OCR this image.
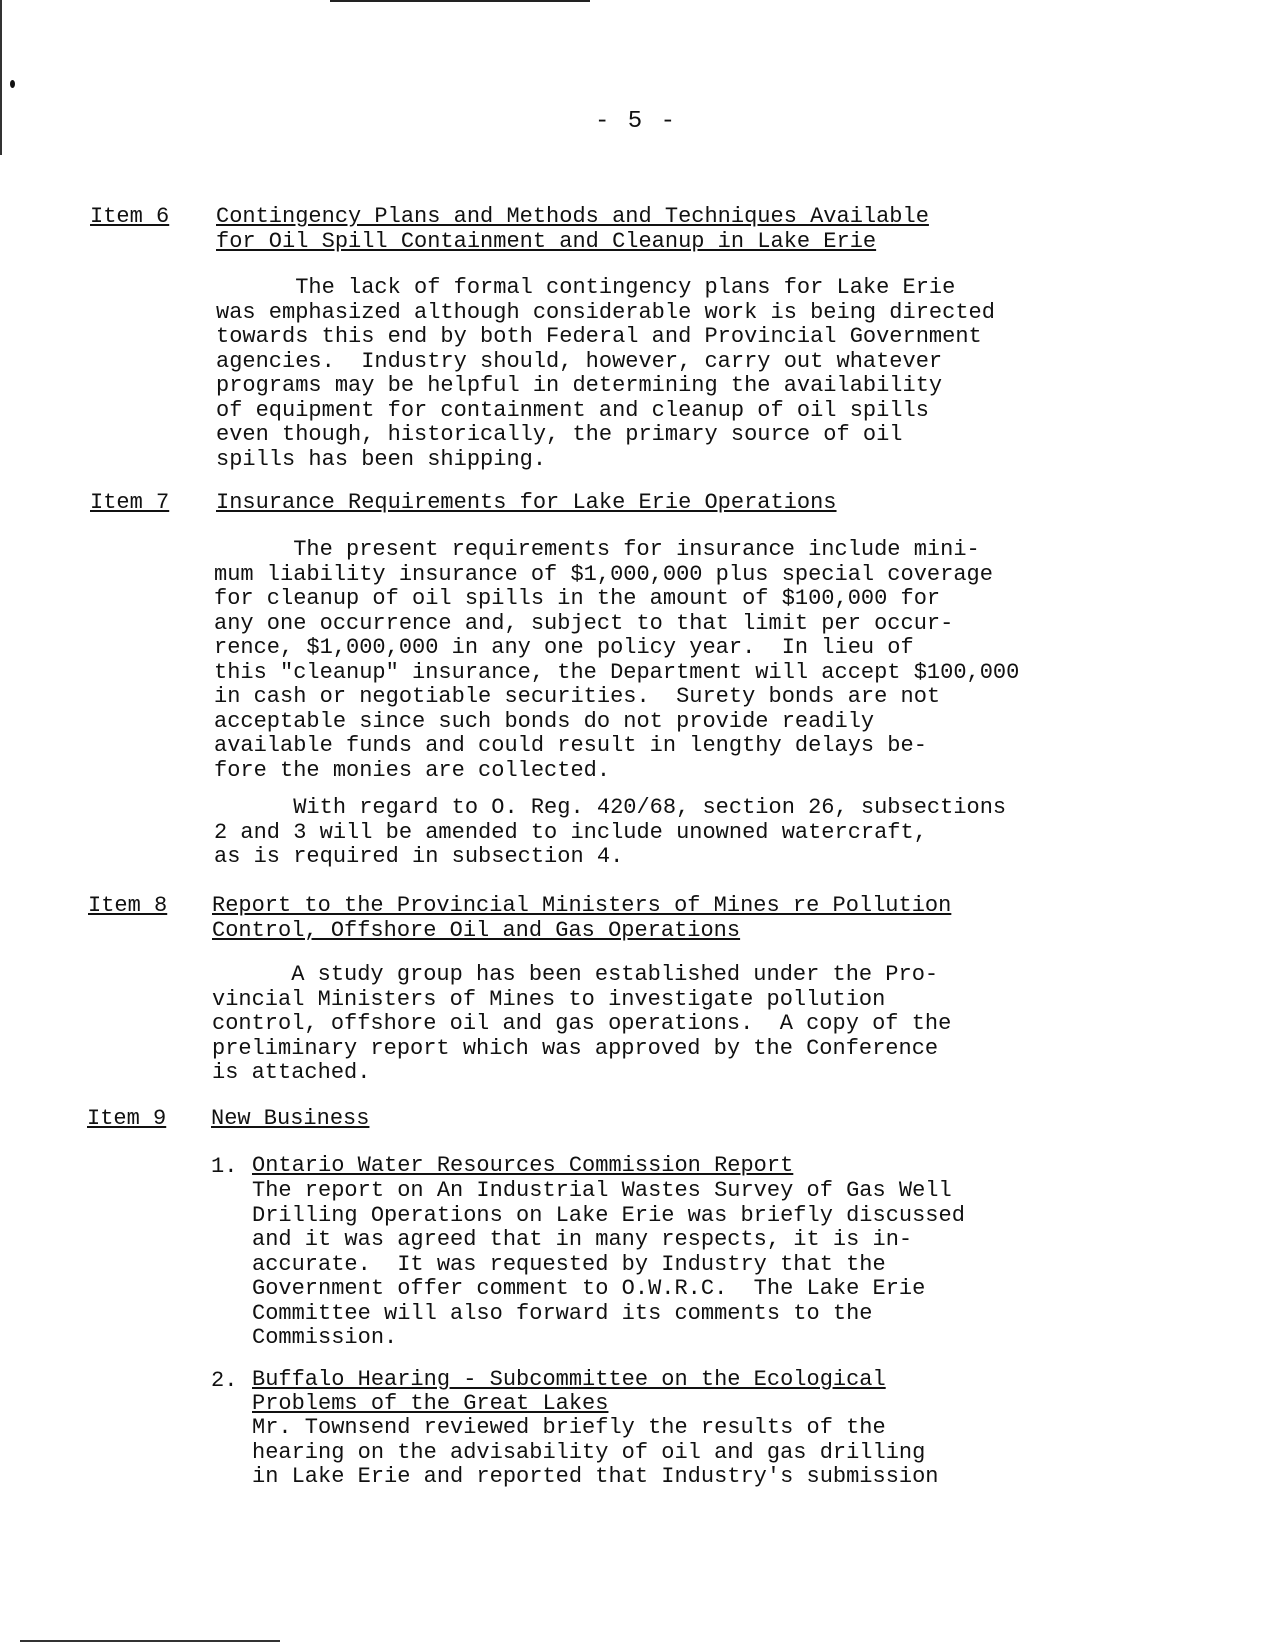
- 5 -
Item 6 Contingency Plans and Methods and Techniques Available
for Oil Spill Containment and Cleanup in Lake Erie
The lack of formal contingency plans for Lake Erie
was emphasized although considerable work is being directed
towards this end by both Federal and Provincial Government
agencies.  Industry should, however, carry out whatever
programs may be helpful in determining the availability
of equipment for containment and cleanup of oil spills
even though, historically, the primary source of oil
spills has been shipping.
Item 7 Insurance Requirements for Lake Erie Operations
The present requirements for insurance include mini-
mum liability insurance of $1,000,000 plus special coverage
for cleanup of oil spills in the amount of $100,000 for
any one occurrence and, subject to that limit per occur-
rence, $1,000,000 in any one policy year.  In lieu of
this "cleanup" insurance, the Department will accept $100,000
in cash or negotiable securities.  Surety bonds are not
acceptable since such bonds do not provide readily
available funds and could result in lengthy delays be-
fore the monies are collected.
With regard to O. Reg. 420/68, section 26, subsections
2 and 3 will be amended to include unowned watercraft,
as is required in subsection 4.
Item 8 Report to the Provincial Ministers of Mines re Pollution
Control, Offshore Oil and Gas Operations
A study group has been established under the Pro-
vincial Ministers of Mines to investigate pollution
control, offshore oil and gas operations.  A copy of the
preliminary report which was approved by the Conference
is attached.
Item 9 New Business
1. Ontario Water Resources Commission Report
The report on An Industrial Wastes Survey of Gas Well
Drilling Operations on Lake Erie was briefly discussed
and it was agreed that in many respects, it is in-
accurate.  It was requested by Industry that the
Government offer comment to O.W.R.C.  The Lake Erie
Committee will also forward its comments to the
Commission.
2. Buffalo Hearing - Subcommittee on the Ecological
Problems of the Great Lakes
Mr. Townsend reviewed briefly the results of the
hearing on the advisability of oil and gas drilling
in Lake Erie and reported that Industry's submission
